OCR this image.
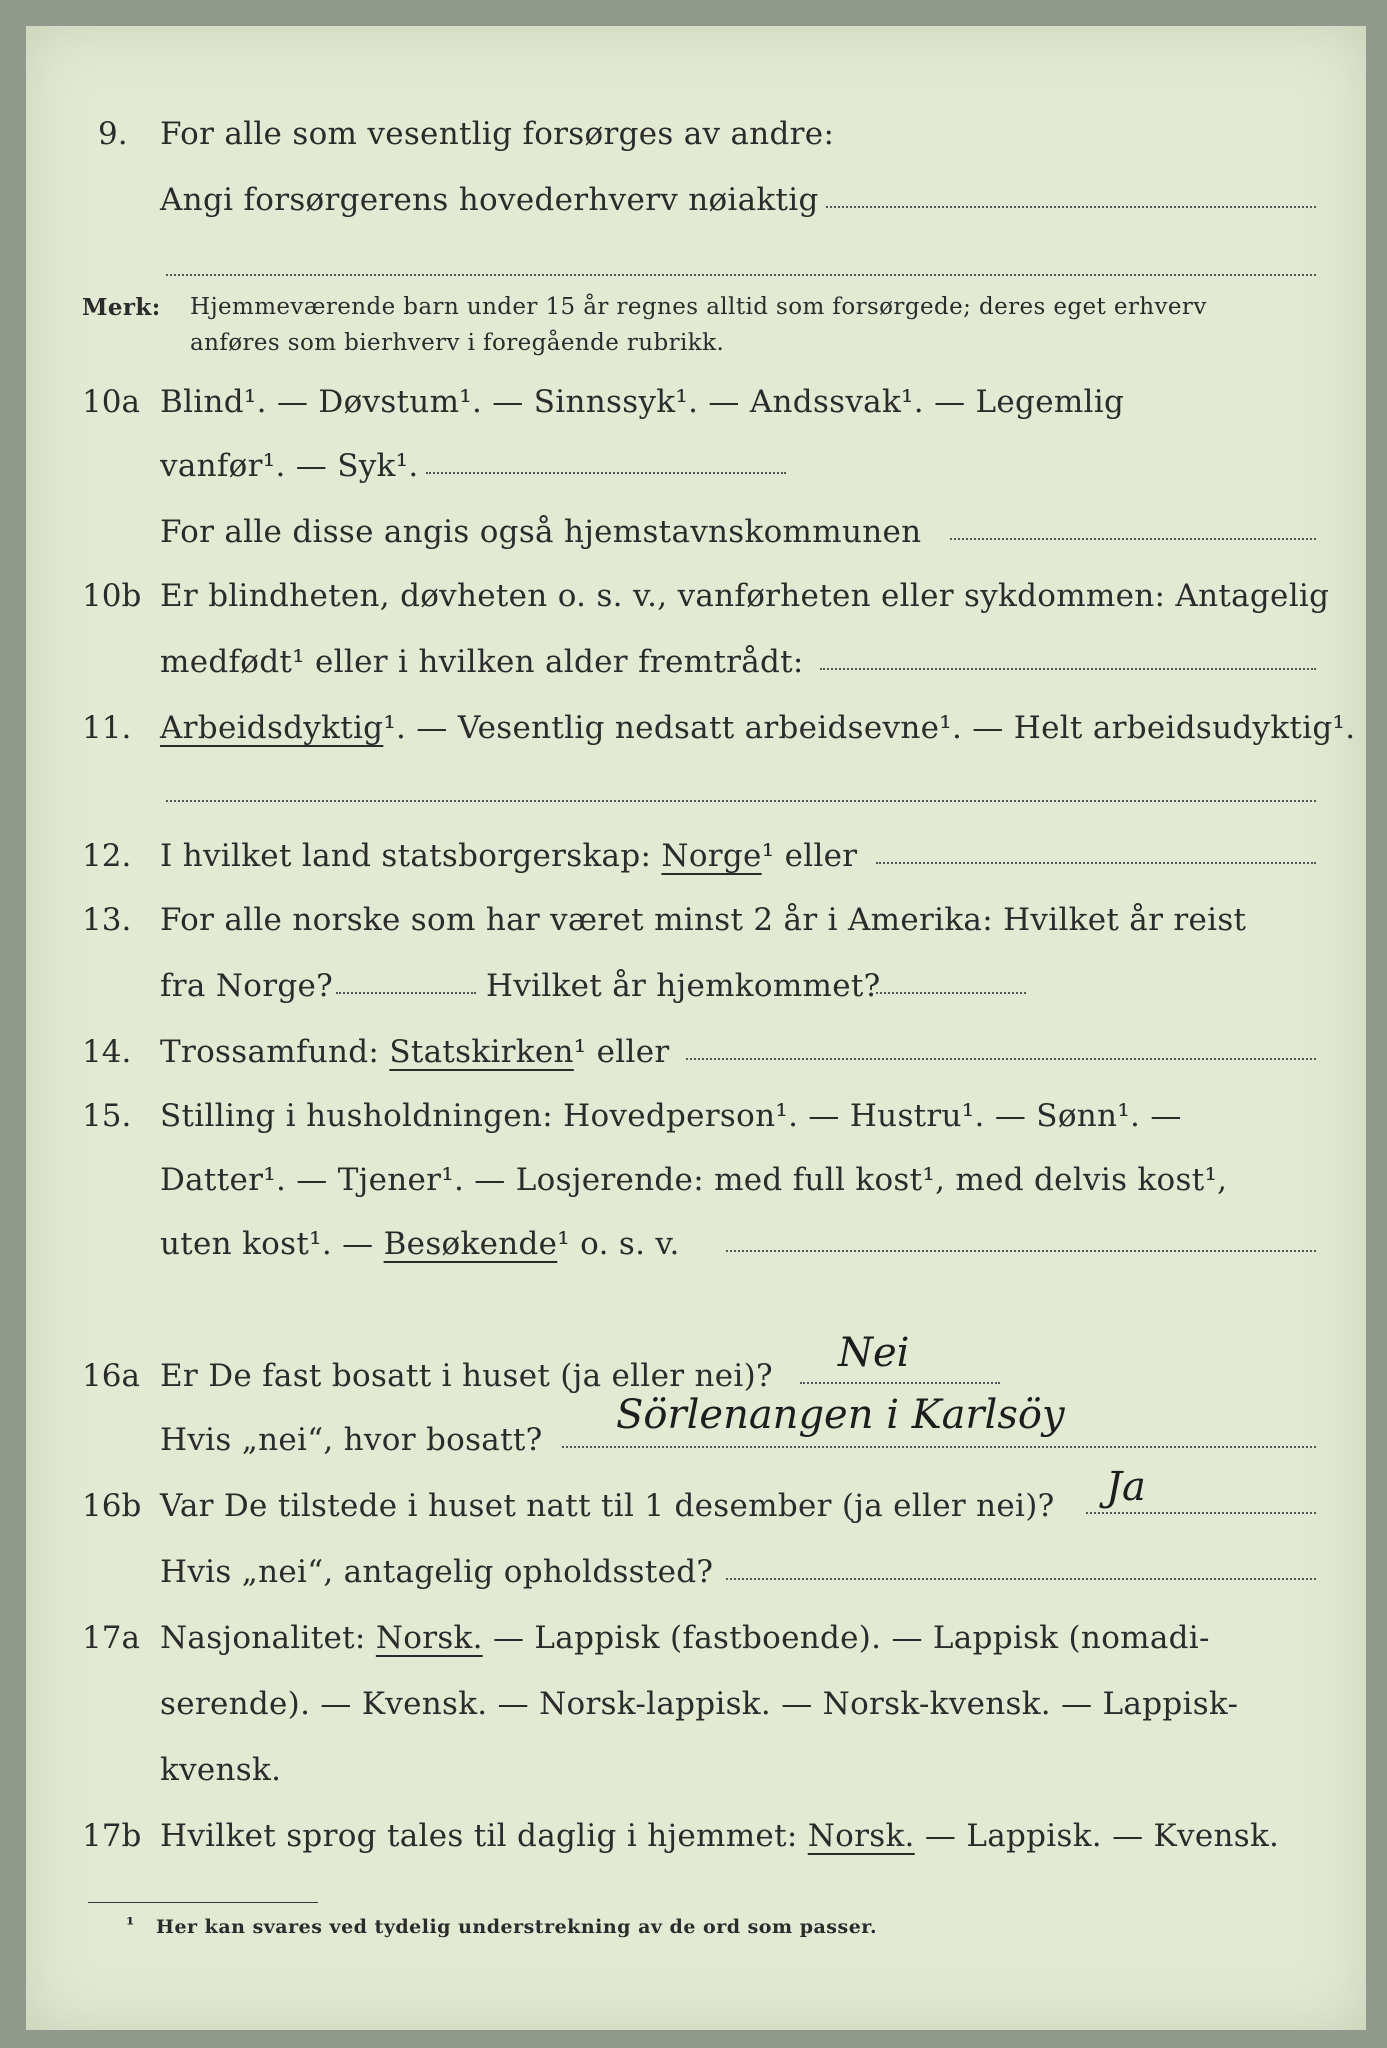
9. For alle som vesentlig forsørges av andre:
Angi forsørgerens hovederhverv nøiaktig
Merk: Hjemmeværende barn under 15 år regnes alltid som forsørgede; deres eget erhverv
anføres som bierhverv i foregående rubrikk.
10a Blind¹. — Døvstum¹. — Sinnssyk¹. — Andssvak¹. — Legemlig
vanfør¹. — Syk¹.
For alle disse angis også hjemstavnskommunen
10b Er blindheten, døvheten o. s. v., vanførheten eller sykdommen: Antagelig
medfødt¹ eller i hvilken alder fremtrådt:
11. Arbeidsdyktig¹. — Vesentlig nedsatt arbeidsevne¹. — Helt arbeidsudyktig¹.
12. I hvilket land statsborgerskap: Norge¹ eller
13. For alle norske som har været minst 2 år i Amerika: Hvilket år reist
fra Norge?	Hvilket år hjemkommet?
14. Trossamfund: Statskirken¹ eller
15. Stilling i husholdningen: Hovedperson¹. — Hustru¹. — Sønn¹. —
Datter¹. — Tjener¹. — Losjerende: med full kost¹, med delvis kost¹,
uten kost¹. — Besøkende¹ o. s. v.
16a Er De fast bosatt i huset (ja eller nei)? Nei
Hvis „nei“, hvor bosatt?
Sörlenangen i Karlsöy
16b Var De tilstede i huset natt til 1 desember (ja eller nei)? Ja
Hvis „nei“, antagelig opholdssted?
17a Nasjonalitet: Norsk. — Lappisk (fastboende). — Lappisk (nomadi-
serende). — Kvensk. — Norsk-lappisk. — Norsk-kvensk. — Lappisk-
kvensk.
17b Hvilket sprog tales til daglig i hjemmet: Norsk. — Lappisk. — Kvensk.
¹ Her kan svares ved tydelig understrekning av de ord som passer.
